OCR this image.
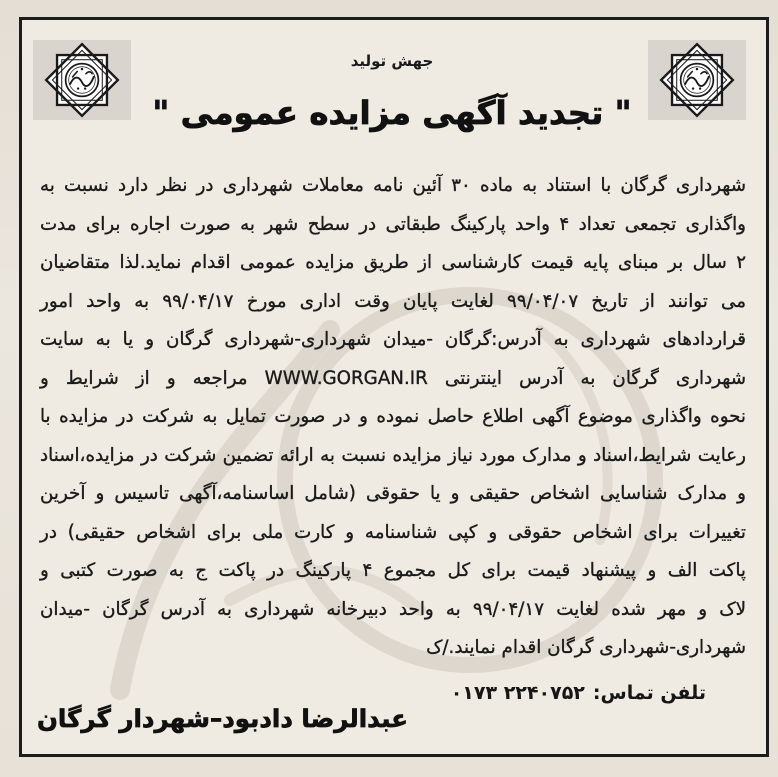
جهش تولید
" تجدید آگهی مزایده عمومی "
شهرداری گرگان با استناد به ماده ۳۰ آئین نامه معاملات شهرداری در نظر دارد نسبت به
واگذاری تجمعی تعداد ۴ واحد پارکینگ طبقاتی در سطح شهر به صورت اجاره برای مدت
۲ سال بر مبنای پایه قیمت کارشناسی از طریق مزایده عمومی اقدام نماید.لذا متقاضیان
می توانند از تاریخ ۹۹/۰۴/۰۷ لغایت پایان وقت اداری مورخ ۹۹/۰۴/۱۷ به واحد امور
قراردادهای شهرداری به آدرس:گرگان -میدان شهرداری-شهرداری گرگان و یا به سایت
شهرداری گرگان به آدرس اینترنتی WWW.GORGAN.IR مراجعه و از شرایط و
نحوه واگذاری موضوع آگهی اطلاع حاصل نموده و در صورت تمایل به شرکت در مزایده با
رعایت شرایط،اسناد و مدارک مورد نیاز مزایده نسبت به ارائه تضمین شرکت در مزایده،اسناد
و مدارک شناسایی اشخاص حقیقی و یا حقوقی (شامل اساسنامه،آگهی تاسیس و آخرین
تغییرات برای اشخاص حقوقی و کپی شناسنامه و کارت ملی برای اشخاص حقیقی) در
پاکت الف و پیشنهاد قیمت برای کل مجموع ۴ پارکینگ در پاکت ج به صورت کتبی و
لاک و مهر شده لغایت ۹۹/۰۴/۱۷ به واحد دبیرخانه شهرداری به آدرس گرگان -میدان
شهرداری-شهرداری گرگان اقدام نمایند./ک
تلفن تماس:۰۱۷۳ ۲۲۴۰۷۵۲
عبدالرضا دادبود–شهردار گرگان
